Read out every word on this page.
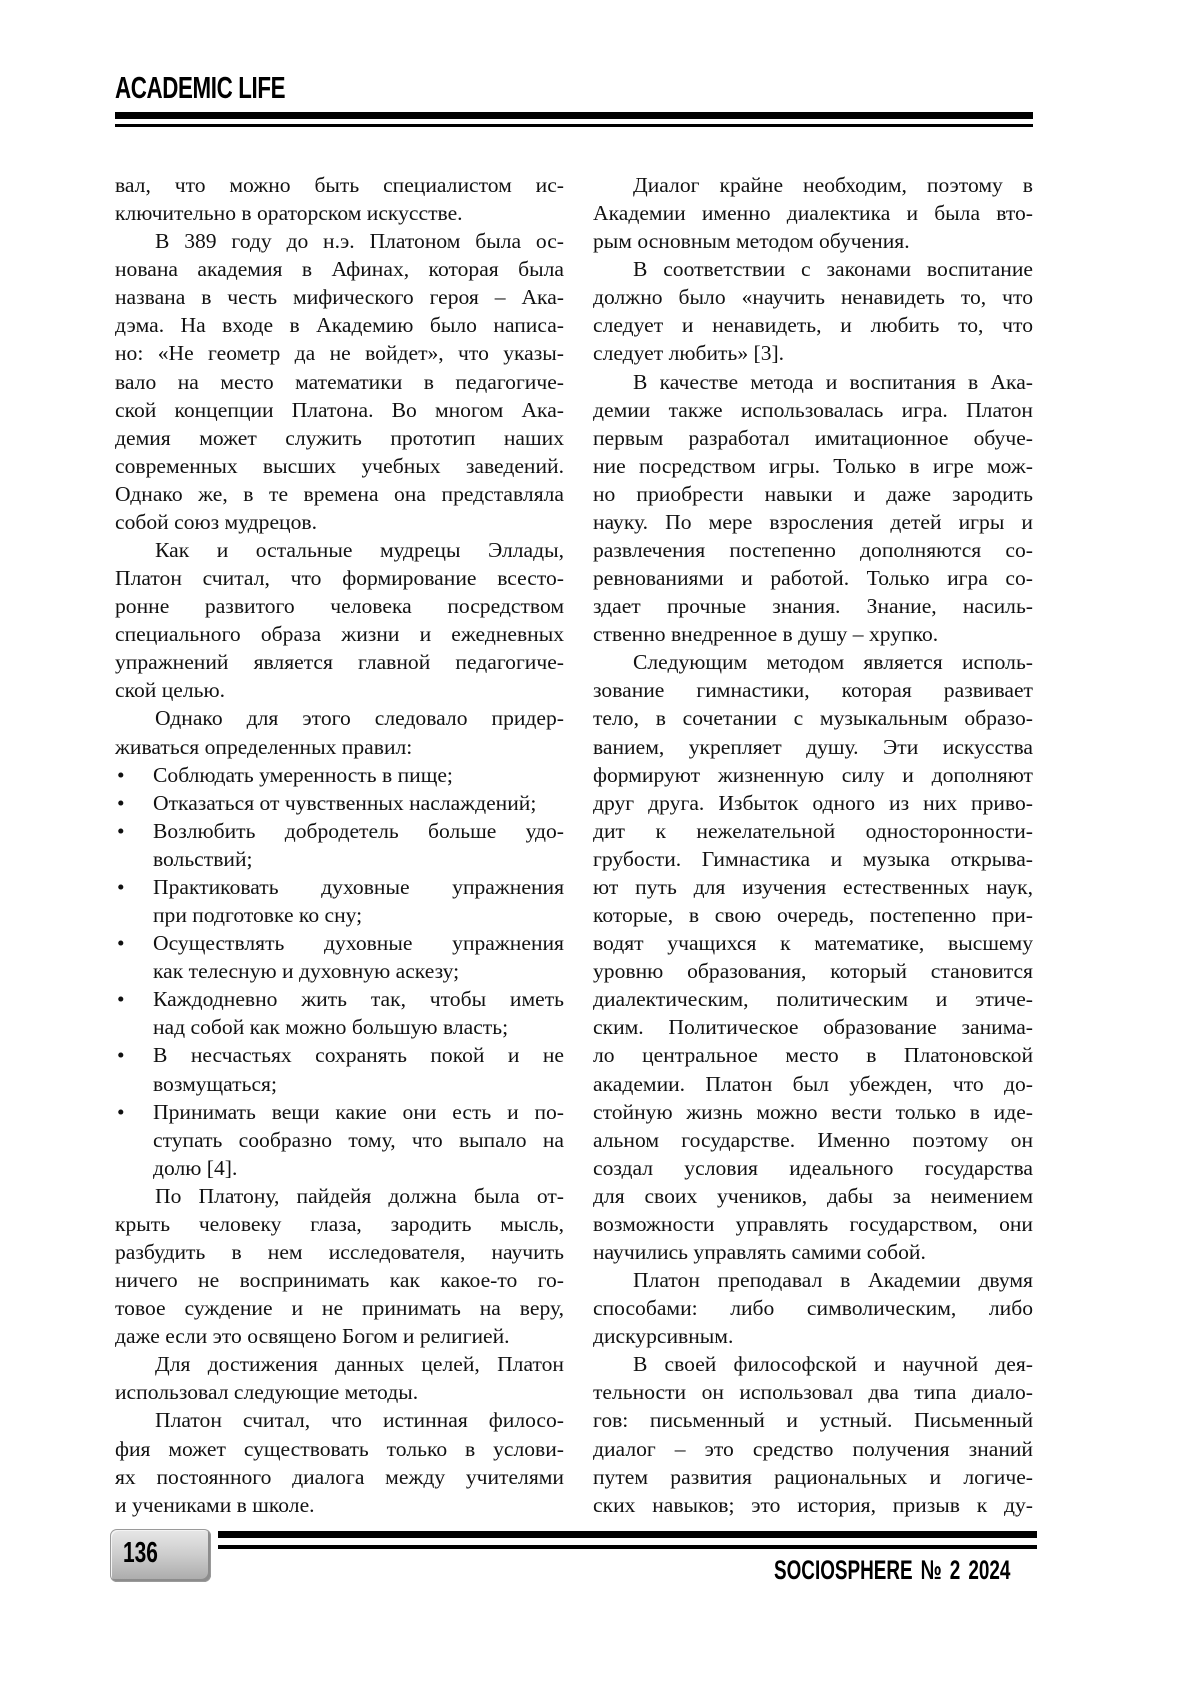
ACADEMIC LIFE
вал, что можно быть специалистом ис-
ключительно в ораторском искусстве.
В 389 году до н.э. Платоном была ос-
нована академия в Афинах, которая была
названа в честь мифического героя – Ака-
дэма. На входе в Академию было написа-
но: «Не геометр да не войдет», что указы-
вало на место математики в педагогиче-
ской концепции Платона. Во многом Ака-
демия может служить прототип наших
современных высших учебных заведений.
Однако же, в те времена она представляла
собой союз мудрецов.
Как и остальные мудрецы Эллады,
Платон считал, что формирование всесто-
ронне развитого человека посредством
специального образа жизни и ежедневных
упражнений является главной педагогиче-
ской целью.
Однако для этого следовало придер-
живаться определенных правил:
• Соблюдать умеренность в пище;
• Отказаться от чувственных наслаждений;
• Возлюбить добродетель больше удо-
вольствий;
• Практиковать духовные упражнения
при подготовке ко сну;
• Осуществлять духовные упражнения
как телесную и духовную аскезу;
• Каждодневно жить так, чтобы иметь
над собой как можно большую власть;
• В несчастьях сохранять покой и не
возмущаться;
• Принимать вещи какие они есть и по-
ступать сообразно тому, что выпало на
долю [4].
По Платону, пайдейя должна была от-
крыть человеку глаза, зародить мысль,
разбудить в нем исследователя, научить
ничего не воспринимать как какое-то го-
товое суждение и не принимать на веру,
даже если это освящено Богом и религией.
Для достижения данных целей, Платон
использовал следующие методы.
Платон считал, что истинная филосо-
фия может существовать только в услови-
ях постоянного диалога между учителями
и учениками в школе.
Диалог крайне необходим, поэтому в
Академии именно диалектика и была вто-
рым основным методом обучения.
В соответствии с законами воспитание
должно было «научить ненавидеть то, что
следует и ненавидеть, и любить то, что
следует любить» [3].
В качестве метода и воспитания в Ака-
демии также использовалась игра. Платон
первым разработал имитационное обуче-
ние посредством игры. Только в игре мож-
но приобрести навыки и даже зародить
науку. По мере взросления детей игры и
развлечения постепенно дополняются со-
ревнованиями и работой. Только игра со-
здает прочные знания. Знание, насиль-
ственно внедренное в душу – хрупко.
Следующим методом является исполь-
зование гимнастики, которая развивает
тело, в сочетании с музыкальным образо-
ванием, укрепляет душу. Эти искусства
формируют жизненную силу и дополняют
друг друга. Избыток одного из них приво-
дит к нежелательной односторонности-
грубости. Гимнастика и музыка открыва-
ют путь для изучения естественных наук,
которые, в свою очередь, постепенно при-
водят учащихся к математике, высшему
уровню образования, который становится
диалектическим, политическим и этиче-
ским. Политическое образование занима-
ло центральное место в Платоновской
академии. Платон был убежден, что до-
стойную жизнь можно вести только в иде-
альном государстве. Именно поэтому он
создал условия идеального государства
для своих учеников, дабы за неимением
возможности управлять государством, они
научились управлять самими собой.
Платон преподавал в Академии двумя
способами: либо символическим, либо
дискурсивным.
В своей философской и научной дея-
тельности он использовал два типа диало-
гов: письменный и устный. Письменный
диалог – это средство получения знаний
путем развития рациональных и логиче-
ских навыков; это история, призыв к ду-
136
SOCIOSPHERE № 2 2024
